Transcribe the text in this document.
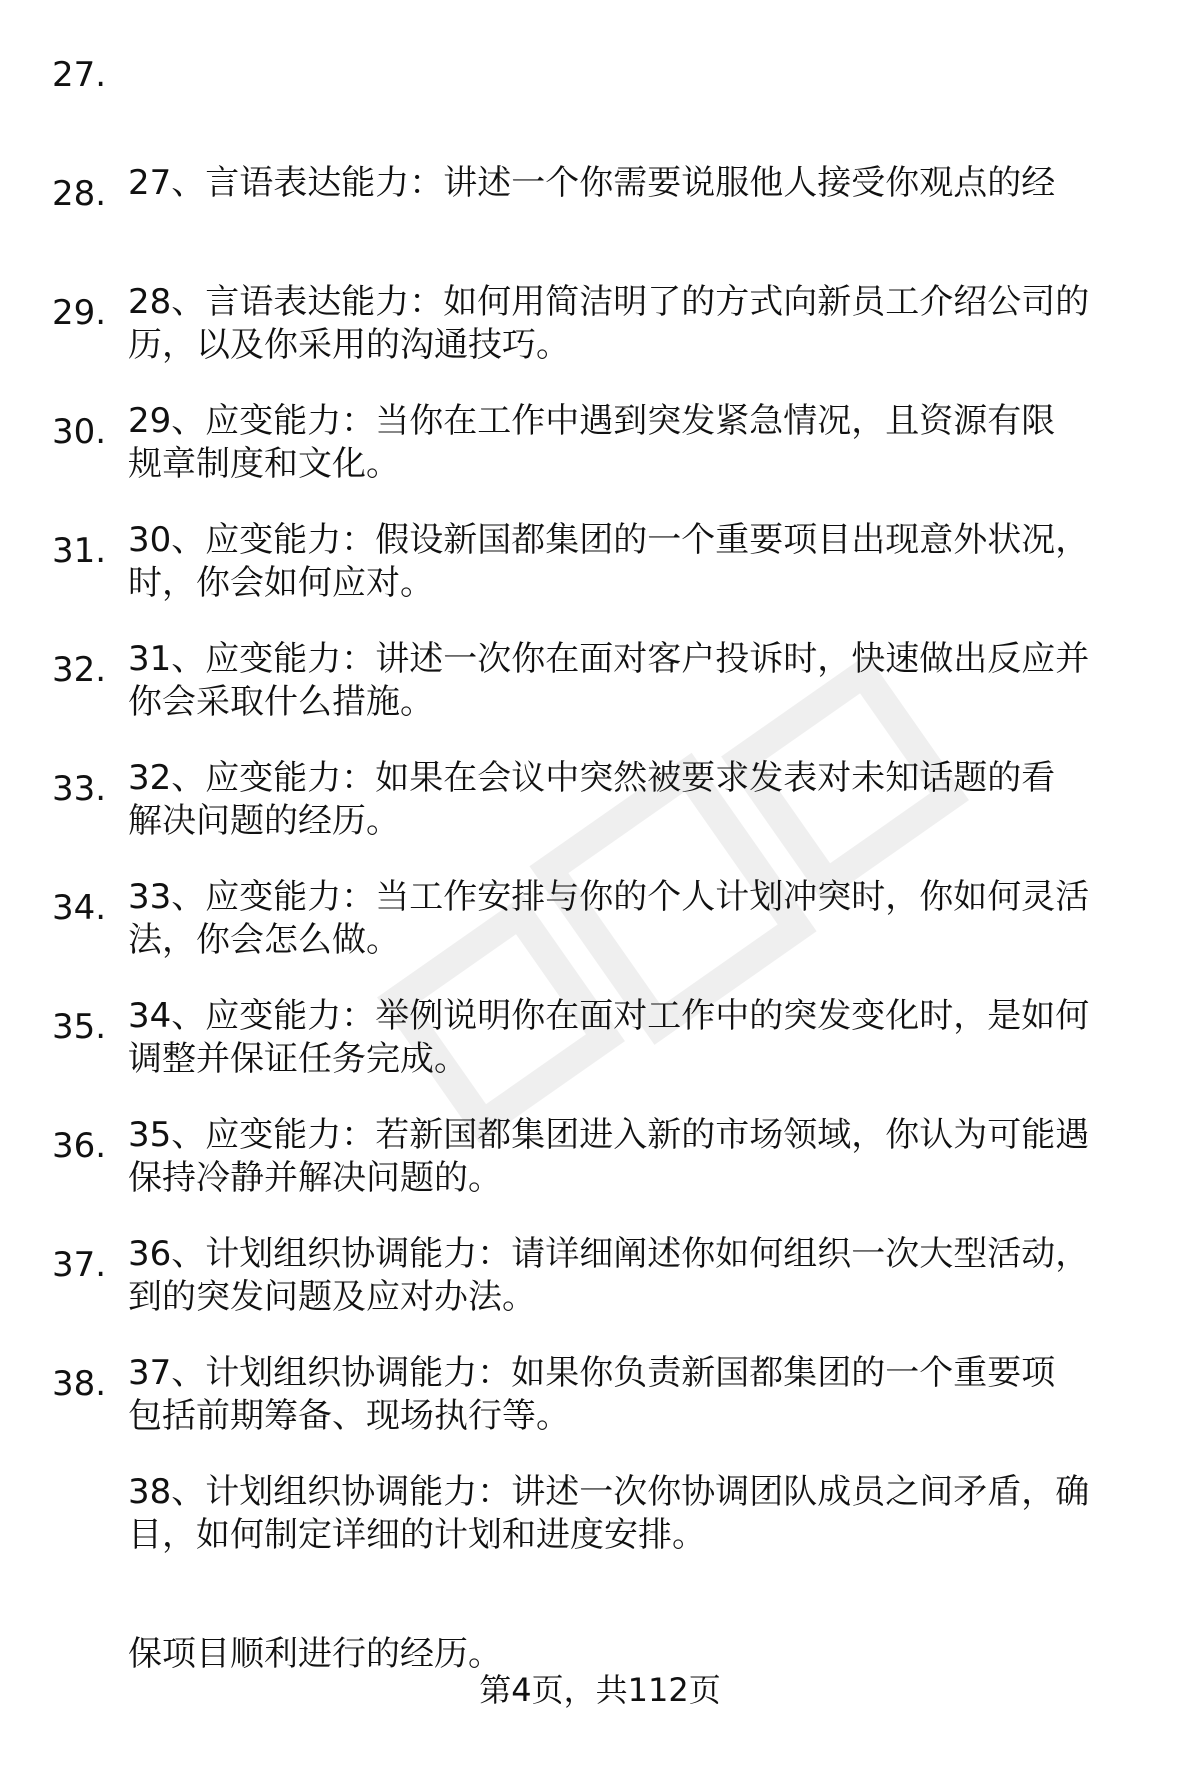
27.

27、言语表达能力：讲述一个你需要说服他人接受你观点的经

历，以及你采用的沟通技巧。

28.

28、言语表达能力：如何用简洁明了的方式向新员工介绍公司的

规章制度和文化。

29.

29、应变能力：当你在工作中遇到突发紧急情况，且资源有限

时，你会如何应对。

30.

30、应变能力：假设新国都集团的一个重要项目出现意外状况，

你会采取什么措施。

31.

31、应变能力：讲述一次你在面对客户投诉时，快速做出反应并

解决问题的经历。

32.

32、应变能力：如果在会议中突然被要求发表对未知话题的看

法，你会怎么做。

33.

33、应变能力：当工作安排与你的个人计划冲突时，你如何灵活

调整并保证任务完成。

34.

34、应变能力：举例说明你在面对工作中的突发变化时，是如何

保持冷静并解决问题的。

35.

35、应变能力：若新国都集团进入新的市场领域，你认为可能遇

到的突发问题及应对办法。

36.

36、计划组织协调能力：请详细阐述你如何组织一次大型活动，

包括前期筹备、现场执行等。

37.

37、计划组织协调能力：如果你负责新国都集团的一个重要项

目，如何制定详细的计划和进度安排。

38.

38、计划组织协调能力：讲述一次你协调团队成员之间矛盾，确

保项目顺利进行的经历。

第4页，共112页
